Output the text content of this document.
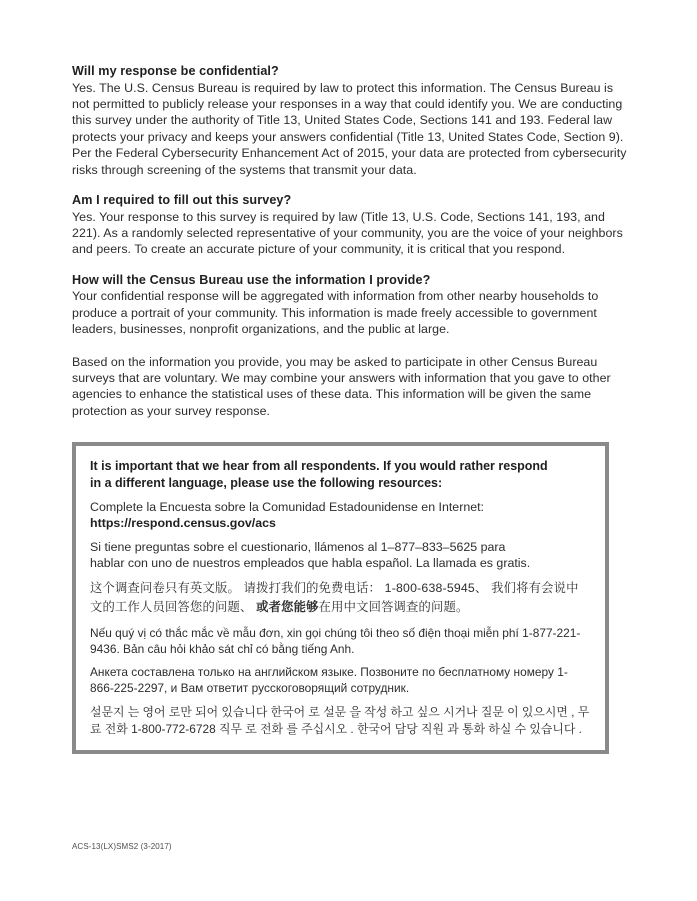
Will my response be confidential?

Yes. The U.S. Census Bureau is required by law to protect this information. The Census Bureau is not permitted to publicly release your responses in a way that could identify you. We are conducting this survey under the authority of Title 13, United States Code, Sections 141 and 193. Federal law protects your privacy and keeps your answers confidential (Title 13, United States Code, Section 9). Per the Federal Cybersecurity Enhancement Act of 2015, your data are protected from cybersecurity risks through screening of the systems that transmit your data.

Am I required to fill out this survey?

Yes. Your response to this survey is required by law (Title 13, U.S. Code, Sections 141, 193, and 221). As a randomly selected representative of your community, you are the voice of your neighbors and peers. To create an accurate picture of your community, it is critical that you respond.

How will the Census Bureau use the information I provide?

Your confidential response will be aggregated with information from other nearby households to produce a portrait of your community. This information is made freely accessible to government leaders, businesses, nonprofit organizations, and the public at large.

Based on the information you provide, you may be asked to participate in other Census Bureau surveys that are voluntary. We may combine your answers with information that you gave to other agencies to enhance the statistical uses of these data. This information will be given the same protection as your survey response.

It is important that we hear from all respondents. If you would rather respond in a different language, please use the following resources:

Complete la Encuesta sobre la Comunidad Estadounidense en Internet:
https://respond.census.gov/acs

Si tiene preguntas sobre el cuestionario, llámenos al 1–877–833–5625 para hablar con uno de nuestros empleados que habla español. La llamada es gratis.

这个调查问卷只有英文版。 请拨打我们的免费电话： 1-800-638-5945、 我们将有会说中文的工作人员回答您的问题、 或者您能够在用中文回答调查的问题。

Nếu quý vị có thắc mắc về mẫu đơn, xin gọi chúng tôi theo số điện thoại miễn phí 1-877-221-9436. Bản câu hỏi khảo sát chỉ có bằng tiếng Anh.

Анкета составлена только на английском языке. Позвоните по бесплатному номеру 1-866-225-2297, и Вам ответит русскоговорящий сотрудник.

설문지 는 영어 로만 되어 있습니다 한국어 로 설문 을 작성 하고 싶으 시거나 질문 이 있으시면 , 무료 전화 1-800-772-6728 직무 로 전화 를 주십시오 . 한국어 담당 직원 과 통화 하실 수 있습니다 .

ACS-13(LX)SMS2 (3-2017)
